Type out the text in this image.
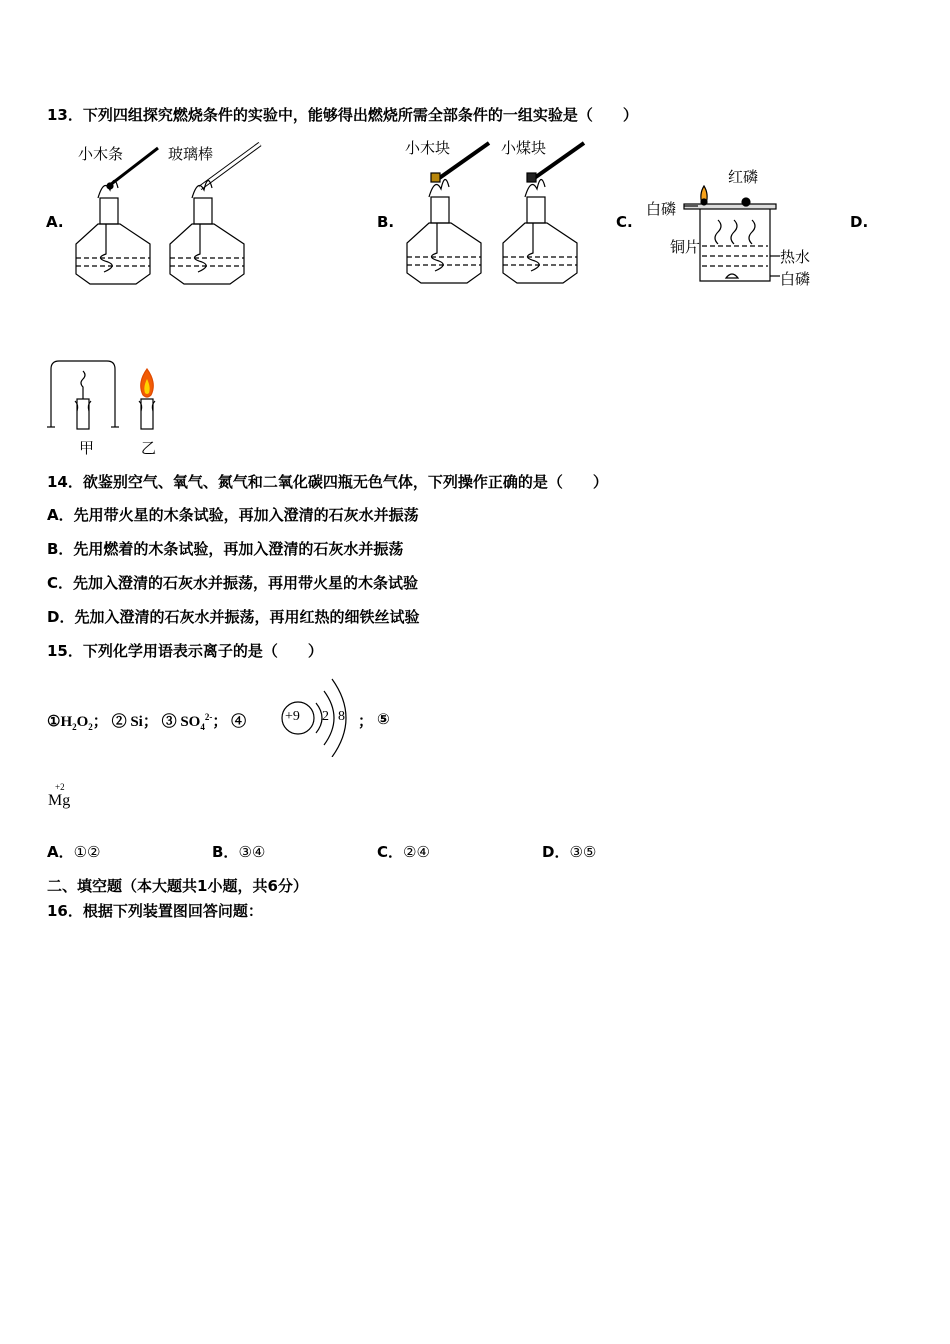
13．下列四组探究燃烧条件的实验中，能够得出燃烧所需全部条件的一组实验是（　　）
A.
小木条	玻璃棒
B.
小木块	小煤块
C.
白磷
红磷
铜片
热水
白磷
D.
甲	乙
14．欲鉴别空气、氧气、氮气和二氧化碳四瓶无色气体，下列操作正确的是（　　）
A．先用带火星的木条试验，再加入澄清的石灰水并振荡
B．先用燃着的木条试验，再加入澄清的石灰水并振荡
C．先加入澄清的石灰水并振荡，再用带火星的木条试验
D．先加入澄清的石灰水并振荡，再用红热的细铁丝试验
15．下列化学用语表示离子的是（　　）
$①H_2O_2$； ② Si； ③ $SO_4^{2-}$； ④	+9 2 8 ； ⑤
+2
Mg
A．①②	B．③④	C．②④	D．③⑤
二、填空题（本大题共1小题，共6分）
16．根据下列装置图回答问题：
